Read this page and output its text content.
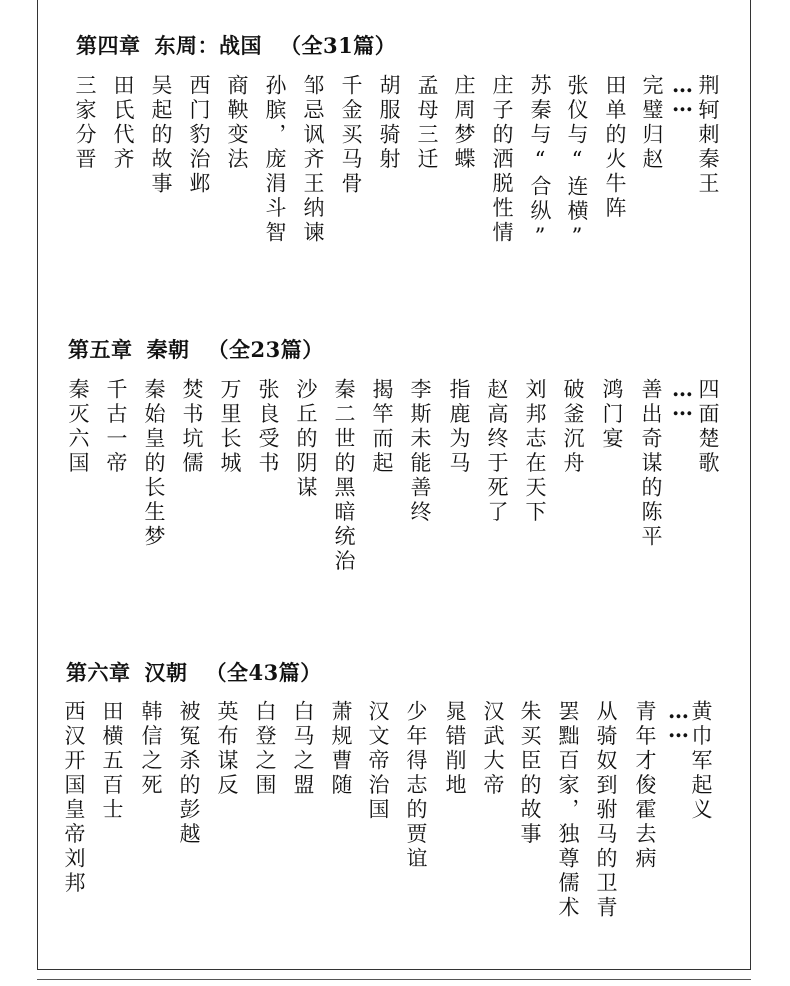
第四章 东周：战国 （全31篇）
荆轲刺秦王
……
完璧归赵
田单的火牛阵
张仪与“连横”
苏秦与“合纵”
庄子的洒脱性情
庄周梦蝶
孟母三迁
胡服骑射
千金买马骨
邹忌讽齐王纳谏
孙膑，庞涓斗智
商鞅变法
西门豹治邺
吴起的故事
田氏代齐
三家分晋
第五章 秦朝 （全23篇）
四面楚歌
……
善出奇谋的陈平
鸿门宴
破釜沉舟
刘邦志在天下
赵高终于死了
指鹿为马
李斯未能善终
揭竿而起
秦二世的黑暗统治
沙丘的阴谋
张良受书
万里长城
焚书坑儒
秦始皇的长生梦
千古一帝
秦灭六国
第六章 汉朝 （全43篇）
黄巾军起义
……
青年才俊霍去病
从骑奴到驸马的卫青
罢黜百家，独尊儒术
朱买臣的故事
汉武大帝
晁错削地
少年得志的贾谊
汉文帝治国
萧规曹随
白马之盟
白登之围
英布谋反
被冤杀的彭越
韩信之死
田横五百士
西汉开国皇帝刘邦
